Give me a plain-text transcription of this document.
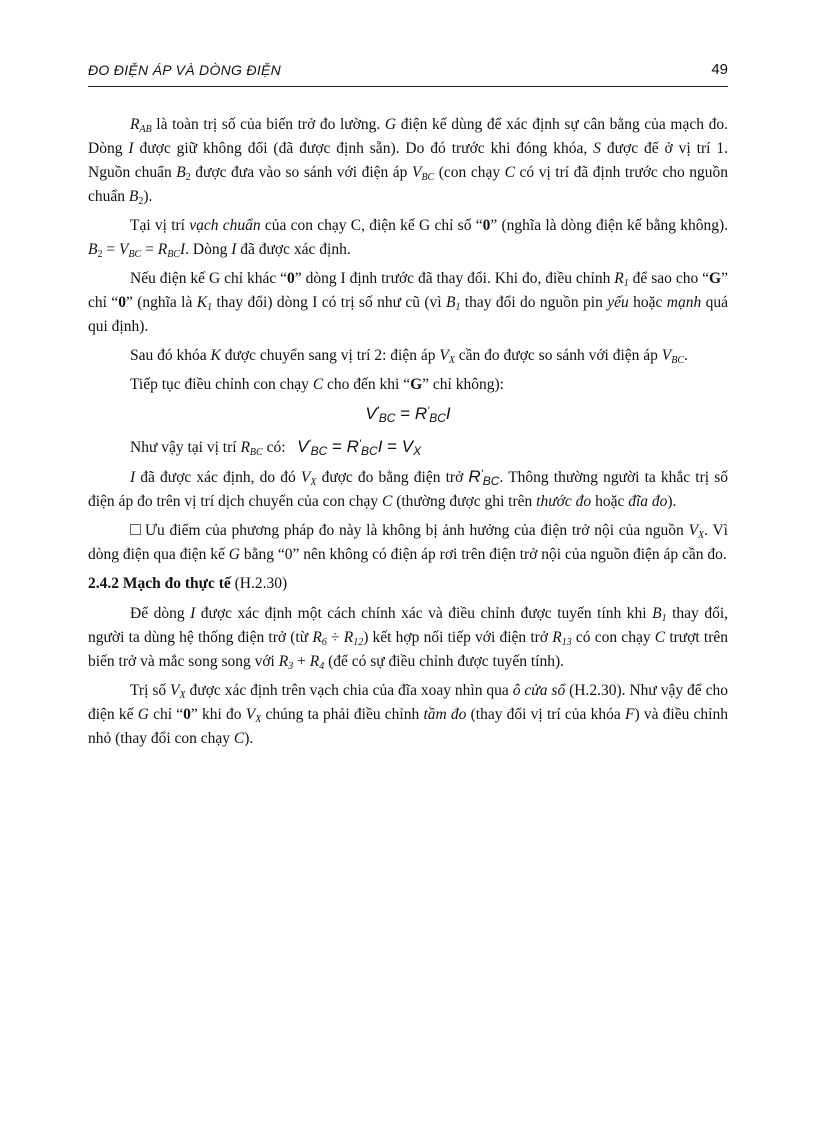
ĐO ĐIỆN ÁP VÀ DÒNG ĐIỆN	49

$R_{AB}$ là toàn trị số của biến trở đo lường. G điện kế dùng để xác định sự cân bằng của mạch đo. Dòng I được giữ không đổi (đã được định sẵn). Do đó trước khi đóng khóa, S được để ở vị trí 1. Nguồn chuẩn $B_2$ được đưa vào so sánh với điện áp $V_{BC}$ (con chạy C có vị trí đã định trước cho nguồn chuẩn $B_2$).

Tại vị trí vạch chuẩn của con chạy C, điện kế G chỉ số “0” (nghĩa là dòng điện kế bằng không). $B_2 = V_{BC} = R_{BC}I$. Dòng I đã được xác định.

Nếu điện kế G chỉ khác “0” dòng I định trước đã thay đổi. Khi đo, điều chỉnh $R_1$ để sao cho “G” chỉ “0” (nghĩa là $K_1$ thay đổi) dòng I có trị số như cũ (vì $B_1$ thay đổi do nguồn pin yếu hoặc mạnh quá qui định).

Sau đó khóa K được chuyển sang vị trí 2: điện áp $V_X$ cần đo được so sánh với điện áp $V_{BC}$.

Tiếp tục điều chỉnh con chạy C cho đến khi “G” chỉ không):

$V'_{BC} = R'_{BC}I$

Như vậy tại vị trí $R_{BC}$ có: $V'_{BC} = R'_{BC}I = V_X$

I đã được xác định, do đó $V_X$ được đo bằng điện trở $R'_{BC}$. Thông thường người ta khắc trị số điện áp đo trên vị trí dịch chuyển của con chạy C (thường được ghi trên thước đo hoặc đĩa đo).

Ưu điểm của phương pháp đo này là không bị ảnh hưởng của điện trở nội của nguồn $V_X$. Vì dòng điện qua điện kế G bằng “0” nên không có điện áp rơi trên điện trở nội của nguồn điện áp cần đo.

2.4.2 Mạch đo thực tế (H.2.30)

Để dòng I được xác định một cách chính xác và điều chỉnh được tuyến tính khi $B_1$ thay đổi, người ta dùng hệ thống điện trở (từ $R_6 \div R_{12}$) kết hợp nối tiếp với điện trở $R_{13}$ có con chạy C trượt trên biến trở và mắc song song với $R_3 + R_4$ (để có sự điều chỉnh được tuyến tính).

Trị số $V_X$ được xác định trên vạch chia của đĩa xoay nhìn qua ô cửa sổ (H.2.30). Như vậy để cho điện kế G chỉ “0” khi đo $V_X$ chúng ta phải điều chỉnh tầm đo (thay đổi vị trí của khóa F) và điều chỉnh nhỏ (thay đổi con chạy C).
